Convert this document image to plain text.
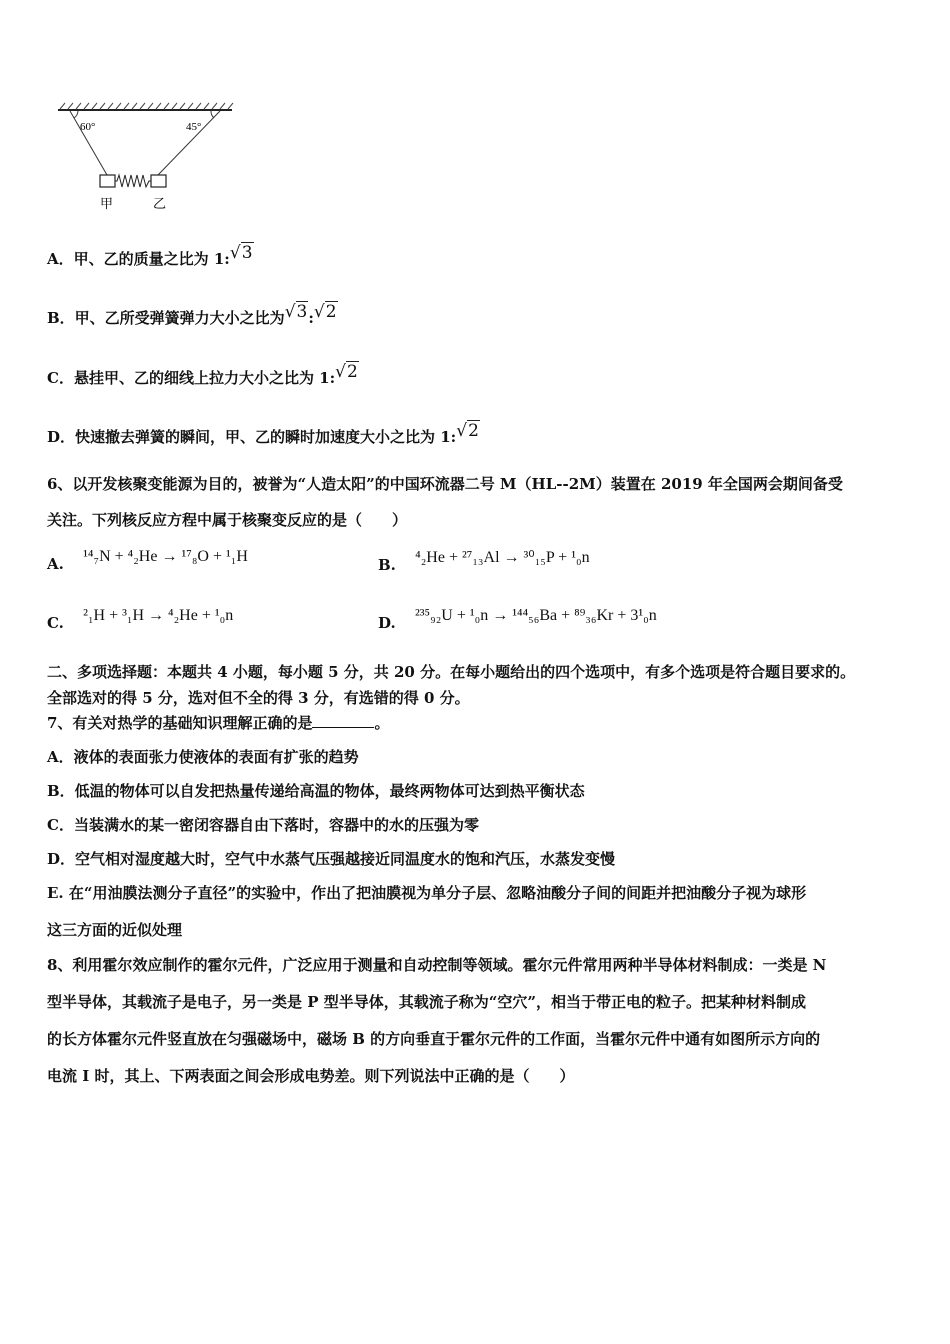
60°	45°
甲	乙
A．甲、乙的质量之比为 1:√3
B．甲、乙所受弹簧弹力大小之比为√3:√2
C．悬挂甲、乙的细线上拉力大小之比为 1:√2
D．快速撤去弹簧的瞬间，甲、乙的瞬时加速度大小之比为 1:√2
6、以开发核聚变能源为目的，被誉为“人造太阳”的中国环流器二号 M（HL--2M）装置在 2019 年全国两会期间备受
关注。下列核反应方程中属于核聚变反应的是（　　）
A. ¹⁴₇N + ⁴₂He → ¹⁷₈O + ¹₁H	B. ⁴₂He + ²⁷₁₃Al → ³⁰₁₅P + ¹₀n
C. ²₁H + ³₁H → ⁴₂He + ¹₀n	D. ²³⁵₉₂U + ¹₀n → ¹⁴⁴₅₆Ba + ⁸⁹₃₆Kr + 3¹₀n
二、多项选择题：本题共 4 小题，每小题 5 分，共 20 分。在每小题给出的四个选项中，有多个选项是符合题目要求的。
全部选对的得 5 分，选对但不全的得 3 分，有选错的得 0 分。
7、有关对热学的基础知识理解正确的是	。
A．液体的表面张力使液体的表面有扩张的趋势
B．低温的物体可以自发把热量传递给高温的物体，最终两物体可达到热平衡状态
C．当装满水的某一密闭容器自由下落时，容器中的水的压强为零
D．空气相对湿度越大时，空气中水蒸气压强越接近同温度水的饱和汽压，水蒸发变慢
E. 在“用油膜法测分子直径”的实验中，作出了把油膜视为单分子层、忽略油酸分子间的间距并把油酸分子视为球形
这三方面的近似处理
8、利用霍尔效应制作的霍尔元件，广泛应用于测量和自动控制等领域。霍尔元件常用两种半导体材料制成：一类是 N
型半导体，其载流子是电子，另一类是 P 型半导体，其载流子称为“空穴”，相当于带正电的粒子。把某种材料制成
的长方体霍尔元件竖直放在匀强磁场中，磁场 B 的方向垂直于霍尔元件的工作面，当霍尔元件中通有如图所示方向的
电流 I 时，其上、下两表面之间会形成电势差。则下列说法中正确的是（　　）
